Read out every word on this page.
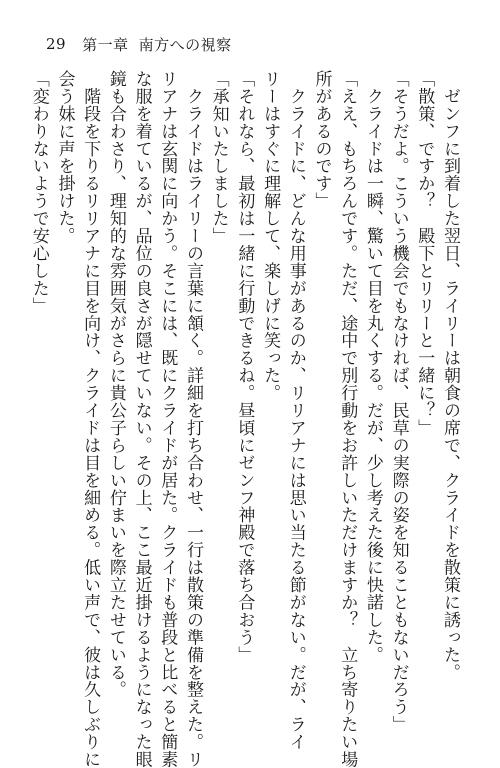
29 第一章 南方への視察
　ゼンフに到着した翌日、ライリーは朝食の席で、クライドを散策に誘った。
「散策、ですか？　殿下とリリーと一緒に？」
「そうだよ。こういう機会でもなければ、民草の実際の姿を知ることもないだろう」
　クライドは一瞬、驚いて目を丸くする。だが、少し考えた後に快諾した。
「ええ、もちろんです。ただ、途中で別行動をお許しいただけますか？　立ち寄りたい場
所があるのです」
　クライドに、どんな用事があるのか、リリアナには思い当たる節がない。だが、ライ
リーはすぐに理解して、楽しげに笑った。
「それなら、最初は一緒に行動できるね。昼頃にゼンフ神殿で落ち合おう」
「承知いたしました」
　クライドはライリーの言葉に頷く。詳細を打ち合わせ、一行は散策の準備を整えた。リ
リアナは玄関に向かう。そこには、既にクライドが居た。クライドも普段と比べると簡素
な服を着ているが、品位の良さが隠せていない。その上、ここ最近掛けるようになった眼
鏡も合わさり、理知的な雰囲気がさらに貴公子らしい佇まいを際立たせている。
　階段を下りるリリアナに目を向け、クライドは目を細める。低い声で、彼は久しぶりに
会う妹に声を掛けた。
「変わりないようで安心した」
